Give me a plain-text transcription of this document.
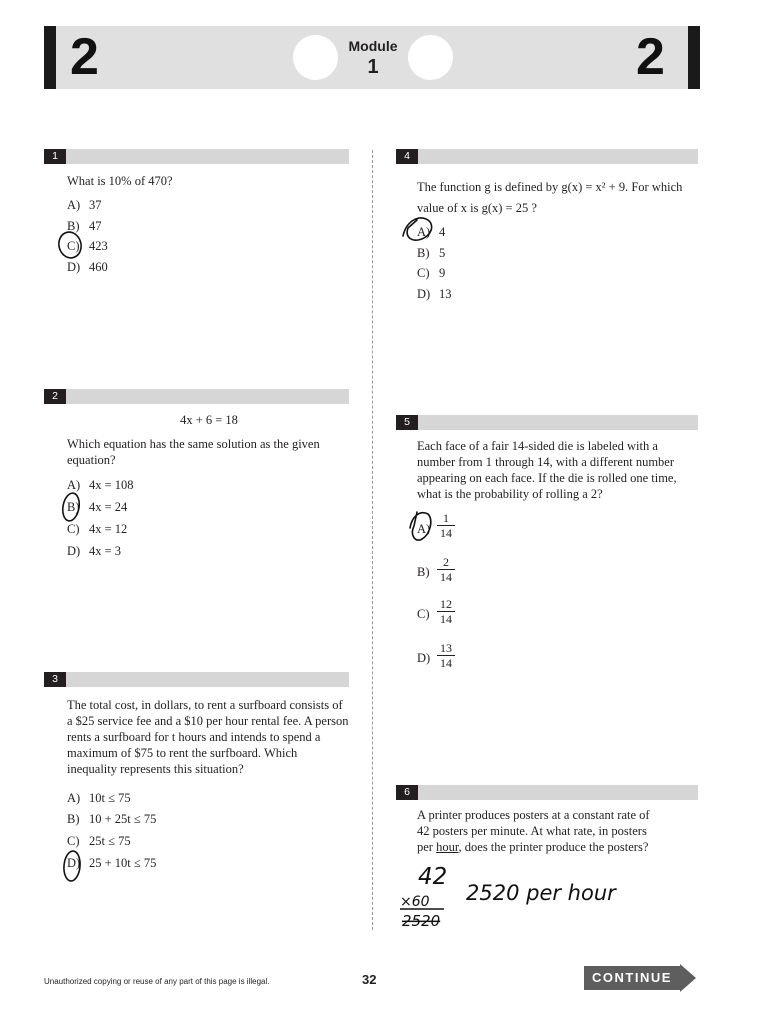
2	2
Module
1
1
What is 10% of 470?
A) 37
B) 47
C) 423
D) 460
2
4x + 6 = 18
Which equation has the same solution as the given equation?
A) 4x = 108
B) 4x = 24
C) 4x = 12
D) 4x = 3
3
The total cost, in dollars, to rent a surfboard consists of a $25 service fee and a $10 per hour rental fee. A person rents a surfboard for t hours and intends to spend a maximum of $75 to rent the surfboard. Which inequality represents this situation?
A) 10t ≤ 75
B) 10 + 25t ≤ 75
C) 25t ≤ 75
D) 25 + 10t ≤ 75
4
The function g is defined by g(x) = x² + 9. For which value of x is g(x) = 25 ?
A) 4
B) 5
C) 9
D) 13
5
Each face of a fair 14-sided die is labeled with a number from 1 through 14, with a different number appearing on each face. If the die is rolled one time, what is the probability of rolling a 2?
$A) \frac{1}{14}$
$B) \frac{2}{14}$
$C) \frac{12}{14}$
$D) \frac{13}{14}$
6
A printer produces posters at a constant rate of
42 posters per minute. At what rate, in posters
per hour, does the printer produce the posters?
42
×60
2520
2520 per hour
Unauthorized copying or reuse of any part of this page is illegal.	32	CONTINUE
